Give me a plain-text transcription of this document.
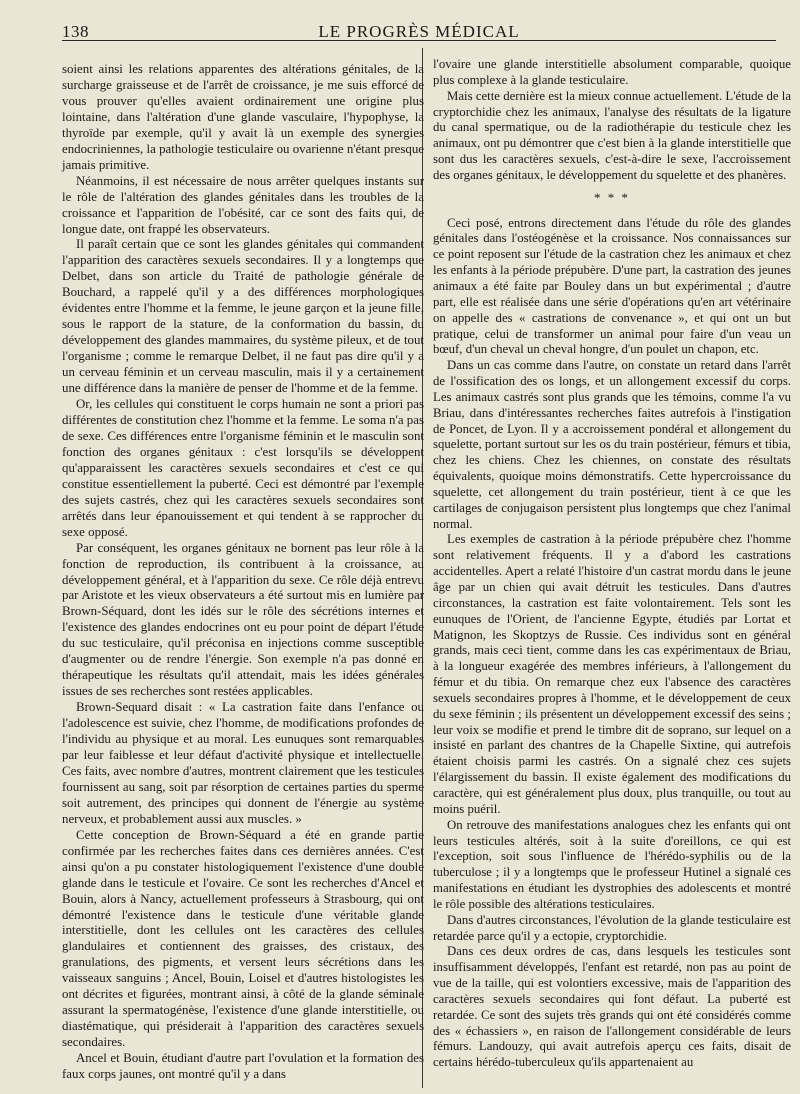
138	LE PROGRÈS MÉDICAL

soient ainsi les relations apparentes des altérations génitales, de la surcharge graisseuse et de l'arrêt de croissance, je me suis efforcé de vous prouver qu'elles avaient ordinairement une origine plus lointaine, dans l'altération d'une glande vasculaire, l'hypophyse, la thyroïde par exemple, qu'il y avait là un exemple des synergies endocriniennes, la pathologie testiculaire ou ovarienne n'étant presque jamais primitive.

Néanmoins, il est nécessaire de nous arrêter quelques instants sur le rôle de l'altération des glandes génitales dans les troubles de la croissance et l'apparition de l'obésité, car ce sont des faits qui, de longue date, ont frappé les observateurs.

Il paraît certain que ce sont les glandes génitales qui commandent l'apparition des caractères sexuels secondaires. Il y a longtemps que Delbet, dans son article du Traité de pathologie générale de Bouchard, a rappelé qu'il y a des différences morphologiques évidentes entre l'homme et la femme, le jeune garçon et la jeune fille, sous le rapport de la stature, de la conformation du bassin, du développement des glandes mammaires, du système pileux, et de tout l'organisme ; comme le remarque Delbet, il ne faut pas dire qu'il y a un cerveau féminin et un cerveau masculin, mais il y a certainement une différence dans la manière de penser de l'homme et de la femme.

Or, les cellules qui constituent le corps humain ne sont a priori pas différentes de constitution chez l'homme et la femme. Le soma n'a pas de sexe. Ces différences entre l'organisme féminin et le masculin sont fonction des organes génitaux : c'est lorsqu'ils se développent qu'apparaissent les caractères sexuels secondaires et c'est ce qui constitue essentiellement la puberté. Ceci est démontré par l'exemple des sujets castrés, chez qui les caractères sexuels secondaires sont arrêtés dans leur épanouissement et qui tendent à se rapprocher du sexe opposé.

Par conséquent, les organes génitaux ne bornent pas leur rôle à la fonction de reproduction, ils contribuent à la croissance, au développement général, et à l'apparition du sexe. Ce rôle déjà entrevu par Aristote et les vieux observateurs a été surtout mis en lumière par Brown-Séquard, dont les idés sur le rôle des sécrétions internes et l'existence des glandes endocrines ont eu pour point de départ l'étude du suc testiculaire, qu'il préconisa en injections comme susceptible d'augmenter ou de rendre l'énergie. Son exemple n'a pas donné en thérapeutique les résultats qu'il attendait, mais les idées générales issues de ses recherches sont restées applicables.

Brown-Sequard disait : « La castration faite dans l'enfance ou l'adolescence est suivie, chez l'homme, de modifications profondes de l'individu au physique et au moral. Les eunuques sont remarquables par leur faiblesse et leur défaut d'activité physique et intellectuelle. Ces faits, avec nombre d'autres, montrent clairement que les testicules fournissent au sang, soit par résorption de certaines parties du sperme soit autrement, des principes qui donnent de l'énergie au système nerveux, et probablement aussi aux muscles. »

Cette conception de Brown-Séquard a été en grande partie confirmée par les recherches faites dans ces dernières années. C'est ainsi qu'on a pu constater histologiquement l'existence d'une double glande dans le testicule et l'ovaire. Ce sont les recherches d'Ancel et Bouin, alors à Nancy, actuellement professeurs à Strasbourg, qui ont démontré l'existence dans le testicule d'une véritable glande interstitielle, dont les cellules ont les caractères des cellules glandulaires et contiennent des graisses, des cristaux, des granulations, des pigments, et versent leurs sécrétions dans les vaisseaux sanguins ; Ancel, Bouin, Loisel et d'autres histologistes les ont décrites et figurées, montrant ainsi, à côté de la glande séminale assurant la spermatogénèse, l'existence d'une glande interstitielle, ou diastématique, qui présiderait à l'apparition des caractères sexuels secondaires.

Ancel et Bouin, étudiant d'autre part l'ovulation et la formation des faux corps jaunes, ont montré qu'il y a dans

l'ovaire une glande interstitielle absolument comparable, quoique plus complexe à la glande testiculaire.

Mais cette dernière est la mieux connue actuellement. L'étude de la cryptorchidie chez les animaux, l'analyse des résultats de la ligature du canal spermatique, ou de la radiothérapie du testicule chez les animaux, ont pu démontrer que c'est bien à la glande interstitielle que sont dus les caractères sexuels, c'est-à-dire le sexe, l'accroissement des organes génitaux, le développement du squelette et des phanères.

* * *

Ceci posé, entrons directement dans l'étude du rôle des glandes génitales dans l'ostéogénèse et la croissance. Nos connaissances sur ce point reposent sur l'étude de la castration chez les animaux et chez les enfants à la période prépubère. D'une part, la castration des jeunes animaux a été faite par Bouley dans un but expérimental ; d'autre part, elle est réalisée dans une série d'opérations qu'en art vétérinaire on appelle des « castrations de convenance », et qui ont un but pratique, celui de transformer un animal pour faire d'un veau un bœuf, d'un cheval un cheval hongre, d'un poulet un chapon, etc.

Dans un cas comme dans l'autre, on constate un retard dans l'arrêt de l'ossification des os longs, et un allongement excessif du corps. Les animaux castrés sont plus grands que les témoins, comme l'a vu Briau, dans d'intéressantes recherches faites autrefois à l'instigation de Poncet, de Lyon. Il y a accroissement pondéral et allongement du squelette, portant surtout sur les os du train postérieur, fémurs et tibia, chez les chiens. Chez les chiennes, on constate des résultats équivalents, quoique moins démonstratifs. Cette hypercroissance du squelette, cet allongement du train postérieur, tient à ce que les cartilages de conjugaison persistent plus longtemps que chez l'animal normal.

Les exemples de castration à la période prépubère chez l'homme sont relativement fréquents. Il y a d'abord les castrations accidentelles. Apert a relaté l'histoire d'un castrat mordu dans le jeune âge par un chien qui avait détruit les testicules. Dans d'autres circonstances, la castration est faite volontairement. Tels sont les eunuques de l'Orient, de l'ancienne Egypte, étudiés par Lortat et Matignon, les Skoptzys de Russie. Ces individus sont en général grands, mais ceci tient, comme dans les cas expérimentaux de Briau, à la longueur exagérée des membres inférieurs, à l'allongement du fémur et du tibia. On remarque chez eux l'absence des caractères sexuels secondaires propres à l'homme, et le développement de ceux du sexe féminin ; ils présentent un développement excessif des seins ; leur voix se modifie et prend le timbre dit de soprano, sur lequel on a insisté en parlant des chantres de la Chapelle Sixtine, qui autrefois étaient choisis parmi les castrés. On a signalé chez ces sujets l'élargissement du bassin. Il existe également des modifications du caractère, qui est généralement plus doux, plus tranquille, ou tout au moins puéril.

On retrouve des manifestations analogues chez les enfants qui ont leurs testicules altérés, soit à la suite d'oreillons, ce qui est l'exception, soit sous l'influence de l'hérédo-syphilis ou de la tuberculose ; il y a longtemps que le professeur Hutinel a signalé ces manifestations en étudiant les dystrophies des adolescents et montré le rôle possible des altérations testiculaires.

Dans d'autres circonstances, l'évolution de la glande testiculaire est retardée parce qu'il y a ectopie, cryptorchidie.

Dans ces deux ordres de cas, dans lesquels les testicules sont insuffisamment développés, l'enfant est retardé, non pas au point de vue de la taille, qui est volontiers excessive, mais de l'apparition des caractères sexuels secondaires qui font défaut. La puberté est retardée. Ce sont des sujets très grands qui ont été considérés comme des « échassiers », en raison de l'allongement considérable de leurs fémurs. Landouzy, qui avait autrefois aperçu ces faits, disait de certains hérédo-tuberculeux qu'ils appartenaient au
